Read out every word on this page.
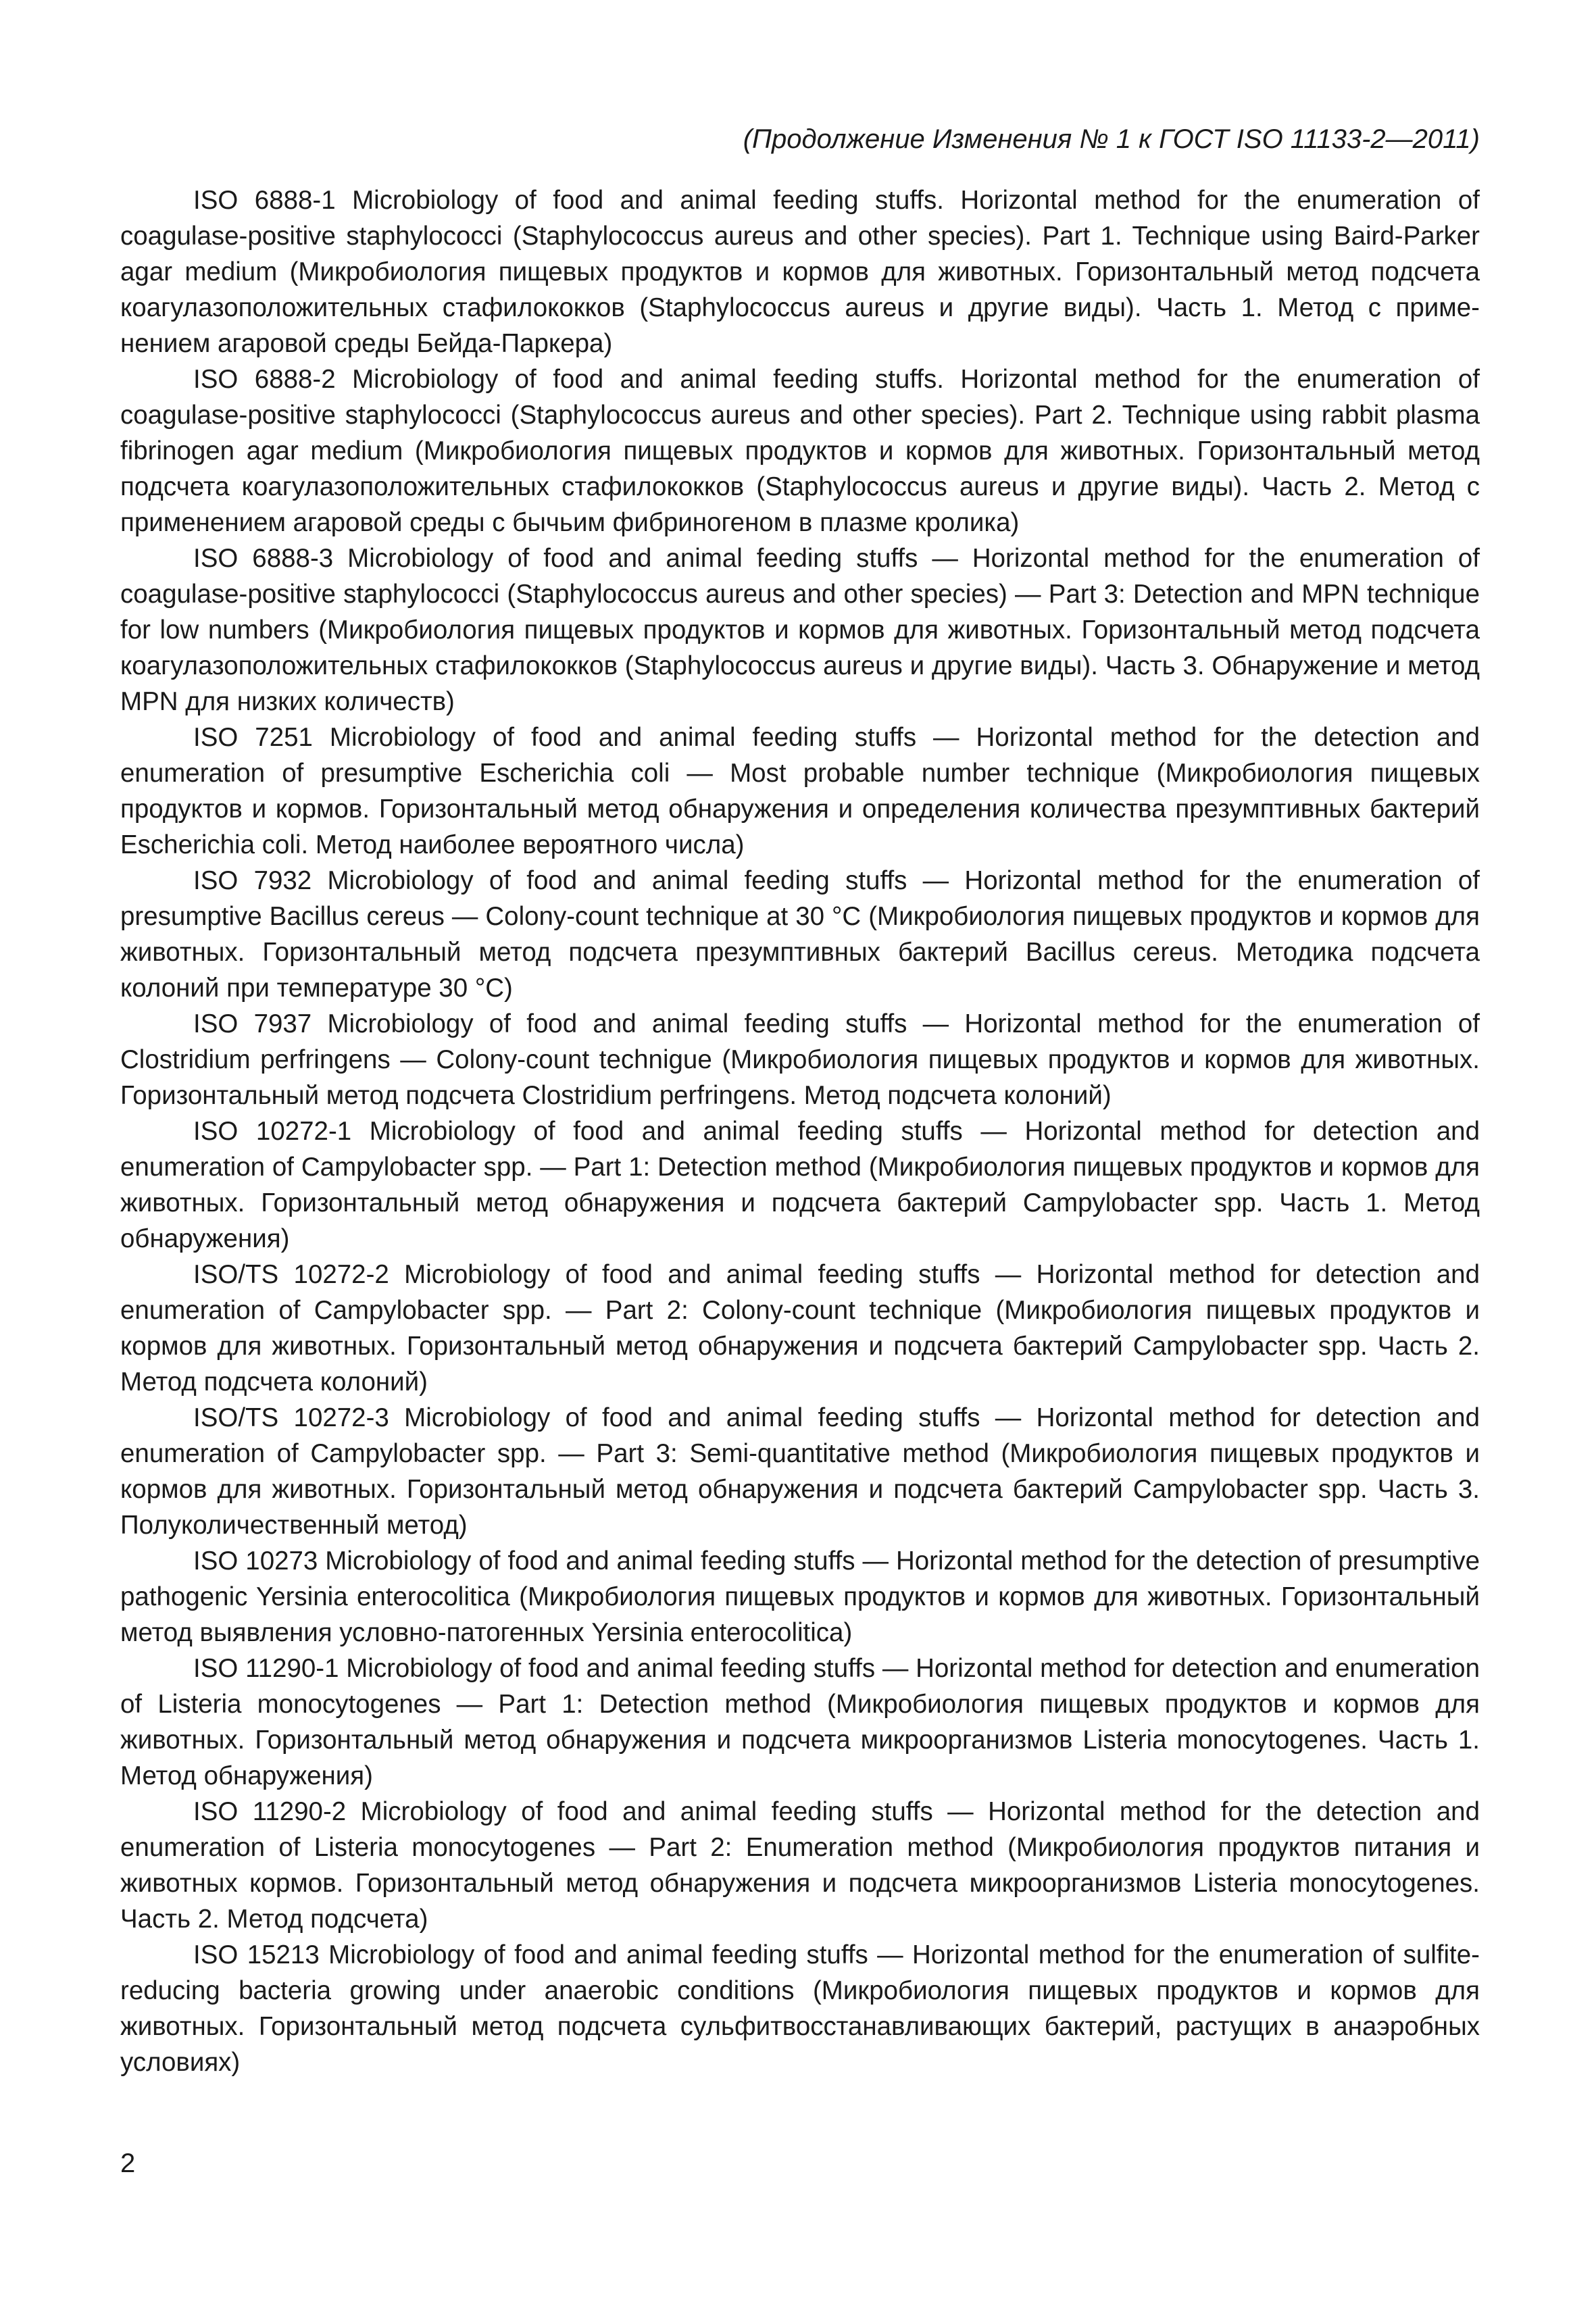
(Продолжение Изменения № 1 к ГОСТ ISO 11133-2—2011)

ISO 6888-1 Microbiology of food and animal feeding stuffs. Horizontal method for the enumeration of coagulase-positive staphylococci (Staphylococcus aureus and other species). Part 1. Technique using Baird-Parker agar medium (Микробиология пищевых продуктов и кормов для животных. Горизонтальный метод подсчета коагулазоположительных стафилококков (Staphylococcus aureus и другие виды). Часть 1. Метод с применением агаровой среды Бейда-Паркера)

ISO 6888-2 Microbiology of food and animal feeding stuffs. Horizontal method for the enumeration of coagulase-positive staphylococci (Staphylococcus aureus and other species). Part 2. Technique using rabbit plasma fibrinogen agar medium (Микробиология пищевых продуктов и кормов для животных. Горизонтальный метод подсчета коагулазоположительных стафилококков (Staphylococcus aureus и другие виды). Часть 2. Метод с применением агаровой среды с бычьим фибриногеном в плазме кролика)

ISO 6888-3 Microbiology of food and animal feeding stuffs — Horizontal method for the enumeration of coagulase-positive staphylococci (Staphylococcus aureus and other species) — Part 3: Detection and MPN technique for low numbers (Микробиология пищевых продуктов и кормов для животных. Горизонтальный метод подсчета коагулазоположительных стафилококков (Staphylococcus aureus и другие виды). Часть 3. Обнаружение и метод MPN для низких количеств)

ISO 7251 Microbiology of food and animal feeding stuffs — Horizontal method for the detection and enumeration of presumptive Escherichia coli — Most probable number technique (Микробиология пищевых продуктов и кормов. Горизонтальный метод обнаружения и определения количества презумптивных бактерий Escherichia coli. Метод наиболее вероятного числа)

ISO 7932 Microbiology of food and animal feeding stuffs — Horizontal method for the enumeration of presumptive Bacillus cereus — Colony-count technique at 30 °C (Микробиология пищевых продуктов и кормов для животных. Горизонтальный метод подсчета презумптивных бактерий Bacillus cereus. Методика подсчета колоний при температуре 30 °C)

ISO 7937 Microbiology of food and animal feeding stuffs — Horizontal method for the enumeration of Clostridium perfringens — Colony-count technigue (Микробиология пищевых продуктов и кормов для животных. Горизонтальный метод подсчета Clostridium perfringens. Метод подсчета колоний)

ISO 10272-1 Microbiology of food and animal feeding stuffs — Horizontal method for detection and enumeration of Campylobacter spp. — Part 1: Detection method (Микробиология пищевых продуктов и кормов для животных. Горизонтальный метод обнаружения и подсчета бактерий Campylobacter spp. Часть 1. Метод обнаружения)

ISO/TS 10272-2 Microbiology of food and animal feeding stuffs — Horizontal method for detection and enumeration of Campylobacter spp. — Part 2: Colony-count technique (Микробиология пищевых продуктов и кормов для животных. Горизонтальный метод обнаружения и подсчета бактерий Campylobacter spp. Часть 2. Метод подсчета колоний)

ISO/TS 10272-3 Microbiology of food and animal feeding stuffs — Horizontal method for detection and enumeration of Campylobacter spp. — Part 3: Semi-quantitative method (Микробиология пищевых продуктов и кормов для животных. Горизонтальный метод обнаружения и подсчета бактерий Campylobacter spp. Часть 3. Полуколичественный метод)

ISO 10273 Microbiology of food and animal feeding stuffs — Horizontal method for the detection of presumptive pathogenic Yersinia enterocolitica (Микробиология пищевых продуктов и кормов для животных. Горизонтальный метод выявления условно-патогенных Yersinia enterocolitica)

ISO 11290-1 Microbiology of food and animal feeding stuffs — Horizontal method for detection and enumeration of Listeria monocytogenes — Part 1: Detection method (Микробиология пищевых продуктов и кормов для животных. Горизонтальный метод обнаружения и подсчета микроорганизмов Listeria monocytogenes. Часть 1. Метод обнаружения)

ISO 11290-2 Microbiology of food and animal feeding stuffs — Horizontal method for the detection and enumeration of Listeria monocytogenes — Part 2: Enumeration method (Микробиология продуктов питания и животных кормов. Горизонтальный метод обнаружения и подсчета микроорганизмов Listeria monocytogenes. Часть 2. Метод подсчета)

ISO 15213 Microbiology of food and animal feeding stuffs — Horizontal method for the enumeration of sulfite-reducing bacteria growing under anaerobic conditions (Микробиология пищевых продуктов и кормов для животных. Горизонтальный метод подсчета сульфитвосстанавливающих бактерий, растущих в анаэробных условиях)

2
